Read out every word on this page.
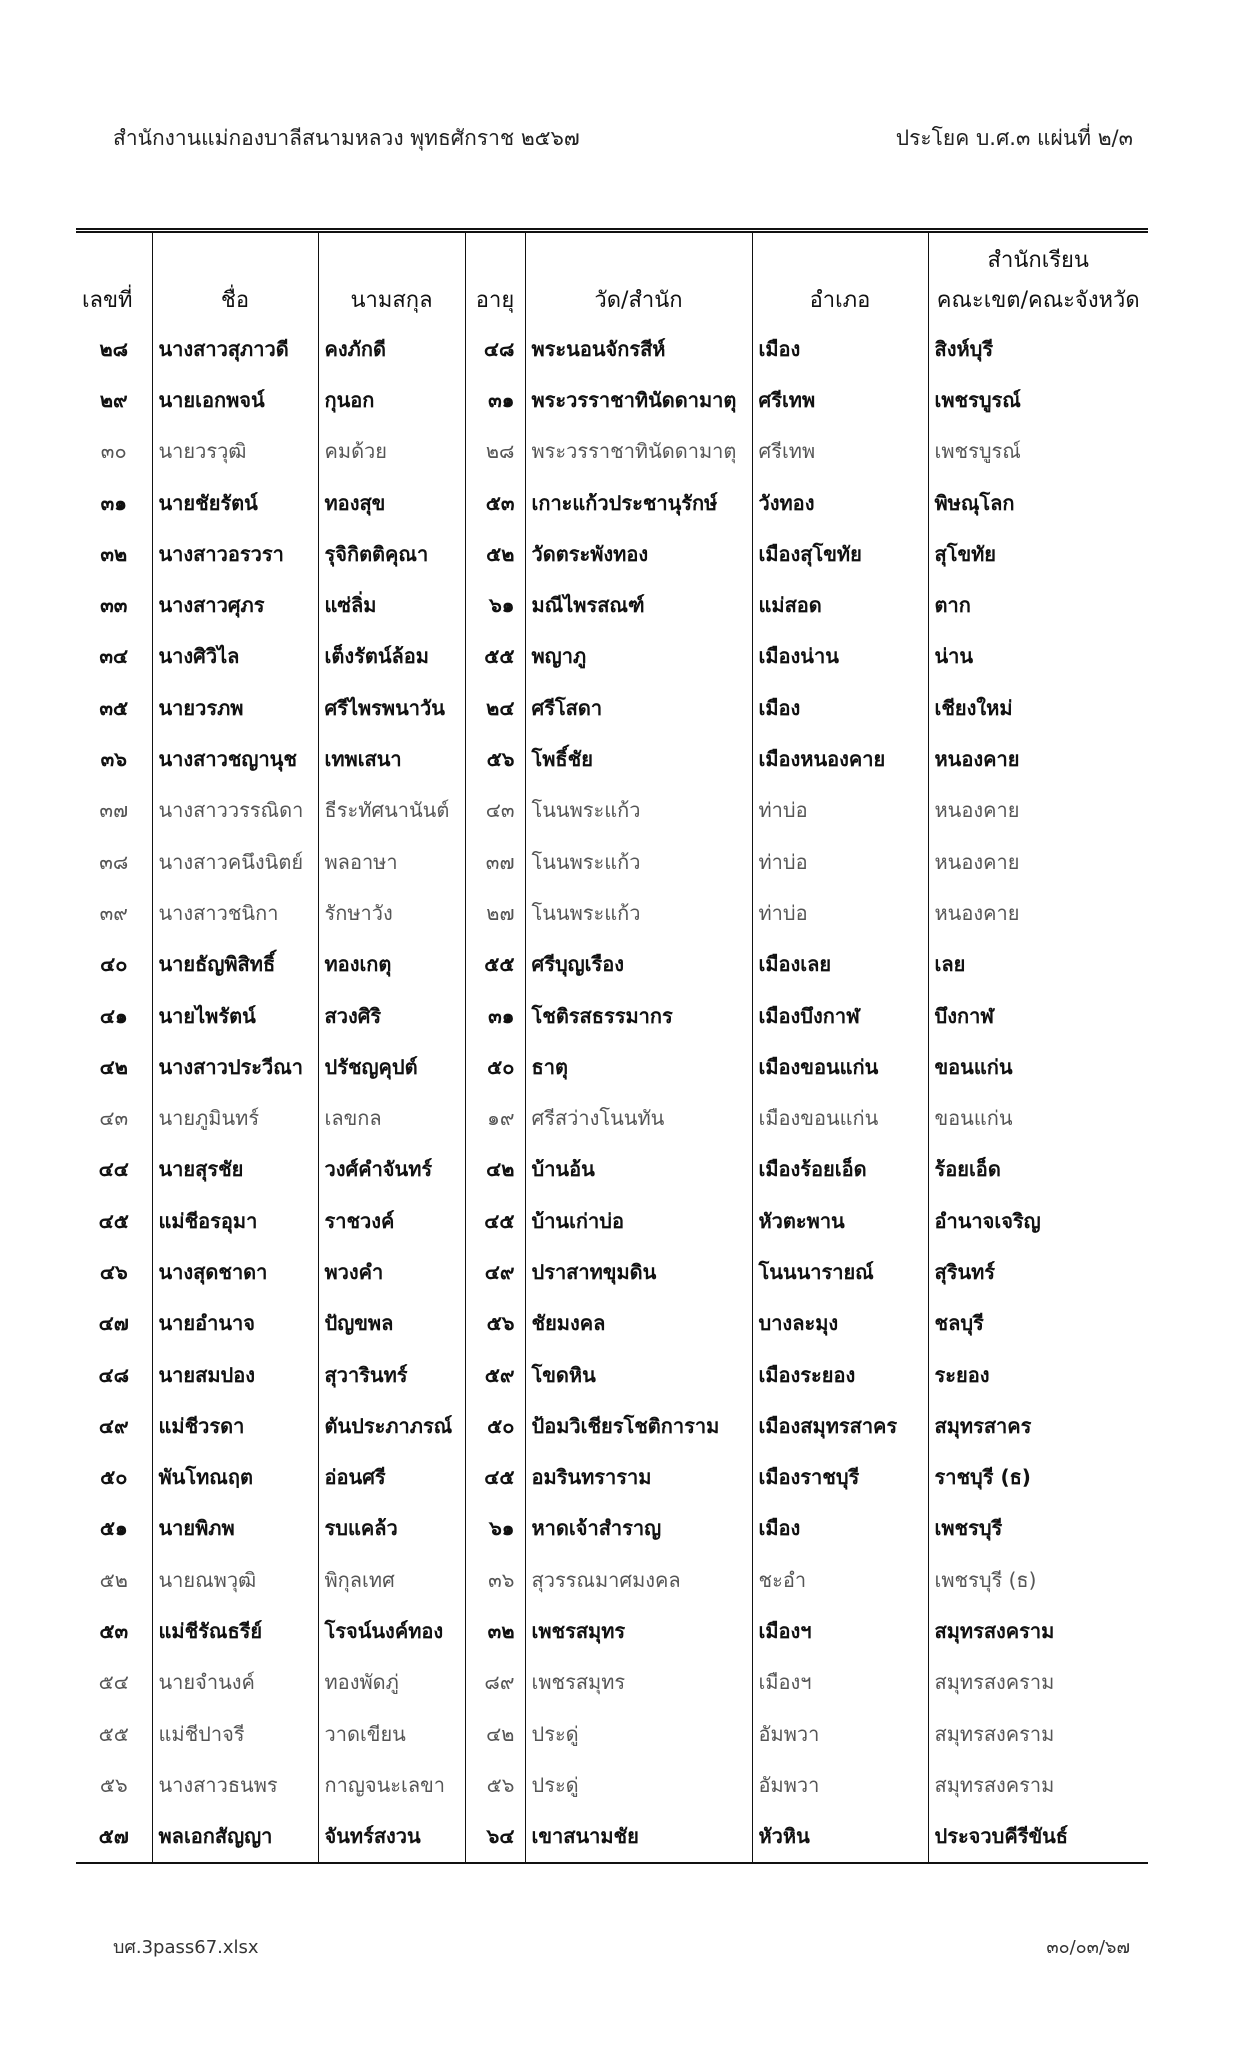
สำนักงานแม่กองบาลีสนามหลวง พุทธศักราช ๒๕๖๗	ประโยค บ.ศ.๓ แผ่นที่ ๒/๓
						สำนักเรียน
เลขที่	ชื่อ	นามสกุล	อายุ	วัด/สำนัก	อำเภอ	คณะเขต/คณะจังหวัด
๒๘	นางสาวสุภาวดี	คงภักดี	๔๘	พระนอนจักรสีห์	เมือง	สิงห์บุรี
๒๙	นายเอกพจน์	กุนอก	๓๑	พระวรราชาทินัดดามาตุ	ศรีเทพ	เพชรบูรณ์
๓๐	นายวรวุฒิ	คมด้วย	๒๘	พระวรราชาทินัดดามาตุ	ศรีเทพ	เพชรบูรณ์
๓๑	นายชัยรัตน์	ทองสุข	๕๓	เกาะแก้วประชานุรักษ์	วังทอง	พิษณุโลก
๓๒	นางสาวอรวรา	รุจิกิตติคุณา	๕๒	วัดตระพังทอง	เมืองสุโขทัย	สุโขทัย
๓๓	นางสาวศุภร	แซ่ลิ่ม	๖๑	มณีไพรสณฑ์	แม่สอด	ตาก
๓๔	นางศิวิไล	เต็งรัตน์ล้อม	๕๕	พญาภู	เมืองน่าน	น่าน
๓๕	นายวรภพ	ศรีไพรพนาวัน	๒๔	ศรีโสดา	เมือง	เชียงใหม่
๓๖	นางสาวชญานุช	เทพเสนา	๕๖	โพธิ์ชัย	เมืองหนองคาย	หนองคาย
๓๗	นางสาววรรณิดา	ธีระทัศนานันต์	๔๓	โนนพระแก้ว	ท่าบ่อ	หนองคาย
๓๘	นางสาวคนึงนิตย์	พลอาษา	๓๗	โนนพระแก้ว	ท่าบ่อ	หนองคาย
๓๙	นางสาวชนิกา	รักษาวัง	๒๗	โนนพระแก้ว	ท่าบ่อ	หนองคาย
๔๐	นายธัญพิสิทธิ์	ทองเกตุ	๕๕	ศรีบุญเรือง	เมืองเลย	เลย
๔๑	นายไพรัตน์	สวงศิริ	๓๑	โชติรสธรรมากร	เมืองบึงกาฬ	บึงกาฬ
๔๒	นางสาวประวีณา	ปรัชญคุปต์	๕๐	ธาตุ	เมืองขอนแก่น	ขอนแก่น
๔๓	นายภูมินทร์	เลขกล	๑๙	ศรีสว่างโนนทัน	เมืองขอนแก่น	ขอนแก่น
๔๔	นายสุรชัย	วงศ์คำจันทร์	๔๒	บ้านอ้น	เมืองร้อยเอ็ด	ร้อยเอ็ด
๔๕	แม่ชีอรอุมา	ราชวงค์	๔๕	บ้านเก่าบ่อ	หัวตะพาน	อำนาจเจริญ
๔๖	นางสุดชาดา	พวงคำ	๔๙	ปราสาทขุมดิน	โนนนารายณ์	สุรินทร์
๔๗	นายอำนาจ	ปัญขพล	๕๖	ชัยมงคล	บางละมุง	ชลบุรี
๔๘	นายสมปอง	สุวารินทร์	๕๙	โขดหิน	เมืองระยอง	ระยอง
๔๙	แม่ชีวรดา	ตันประภาภรณ์	๕๐	ป้อมวิเชียรโชติการาม	เมืองสมุทรสาคร	สมุทรสาคร
๕๐	พันโทณฤต	อ่อนศรี	๔๕	อมรินทราราม	เมืองราชบุรี	ราชบุรี (ธ)
๕๑	นายพิภพ	รบแคล้ว	๖๑	หาดเจ้าสำราญ	เมือง	เพชรบุรี
๕๒	นายณพวุฒิ	พิกุลเทศ	๓๖	สุวรรณมาศมงคล	ชะอำ	เพชรบุรี (ธ)
๕๓	แม่ชีรัณธรีย์	โรจน์นงค์ทอง	๓๒	เพชรสมุทร	เมืองฯ	สมุทรสงคราม
๕๔	นายจำนงค์	ทองพัดภู่	๘๙	เพชรสมุทร	เมืองฯ	สมุทรสงคราม
๕๕	แม่ชีปาจรี	วาดเขียน	๔๒	ประดู่	อัมพวา	สมุทรสงคราม
๕๖	นางสาวธนพร	กาญจนะเลขา	๕๖	ประดู่	อัมพวา	สมุทรสงคราม
๕๗	พลเอกสัญญา	จันทร์สงวน	๖๔	เขาสนามชัย	หัวหิน	ประจวบคีรีขันธ์
บศ.3pass67.xlsx	๓๐/๐๓/๖๗
